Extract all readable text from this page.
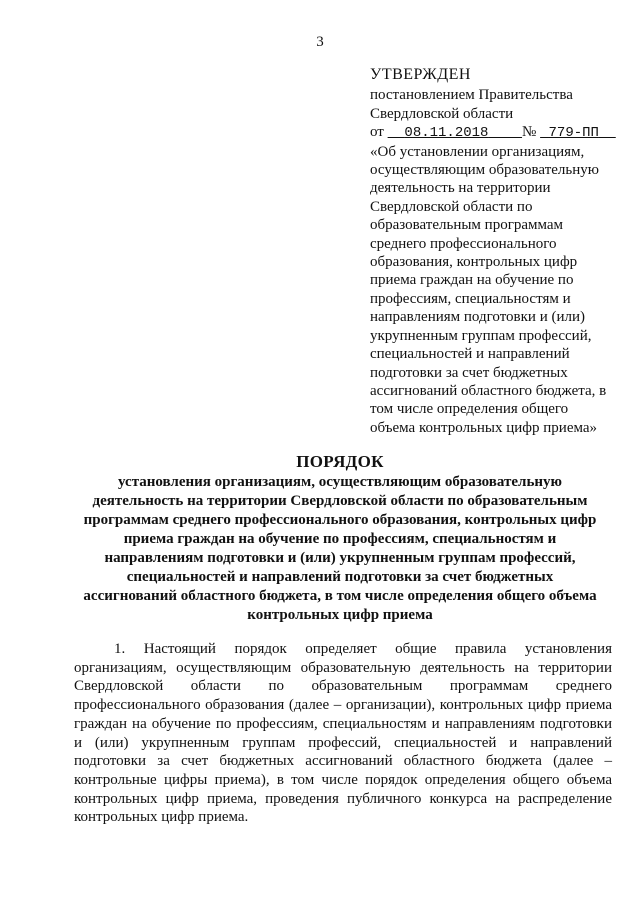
3
УТВЕРЖДЕН
постановлением Правительства
Свердловской области
от 08.11.2018 № 779-ПП

«Об установлении организациям, осуществляющим образовательную деятельность на территории Свердловской области по образовательным программам среднего профессионального образования, контрольных цифр приема граждан на обучение по профессиям, специальностям и направлениям подготовки и (или) укрупненным группам профессий, специальностей и направлений подготовки за счет бюджетных ассигнований областного бюджета, в том числе определения общего объема контрольных цифр приема»

ПОРЯДОК
установления организациям, осуществляющим образовательную деятельность на территории Свердловской области по образовательным программам среднего профессионального образования, контрольных цифр приема граждан на обучение по профессиям, специальностям и направлениям подготовки и (или) укрупненным группам профессий, специальностей и направлений подготовки за счет бюджетных ассигнований областного бюджета, в том числе определения общего объема контрольных цифр приема

1. Настоящий порядок определяет общие правила установления организациям, осуществляющим образовательную деятельность на территории Свердловской области по образовательным программам среднего профессионального образования (далее – организации), контрольных цифр приема граждан на обучение по профессиям, специальностям и направлениям подготовки и (или) укрупненным группам профессий, специальностей и направлений подготовки за счет бюджетных ассигнований областного бюджета (далее – контрольные цифры приема), в том числе порядок определения общего объема контрольных цифр приема, проведения публичного конкурса на распределение контрольных цифр приема.
